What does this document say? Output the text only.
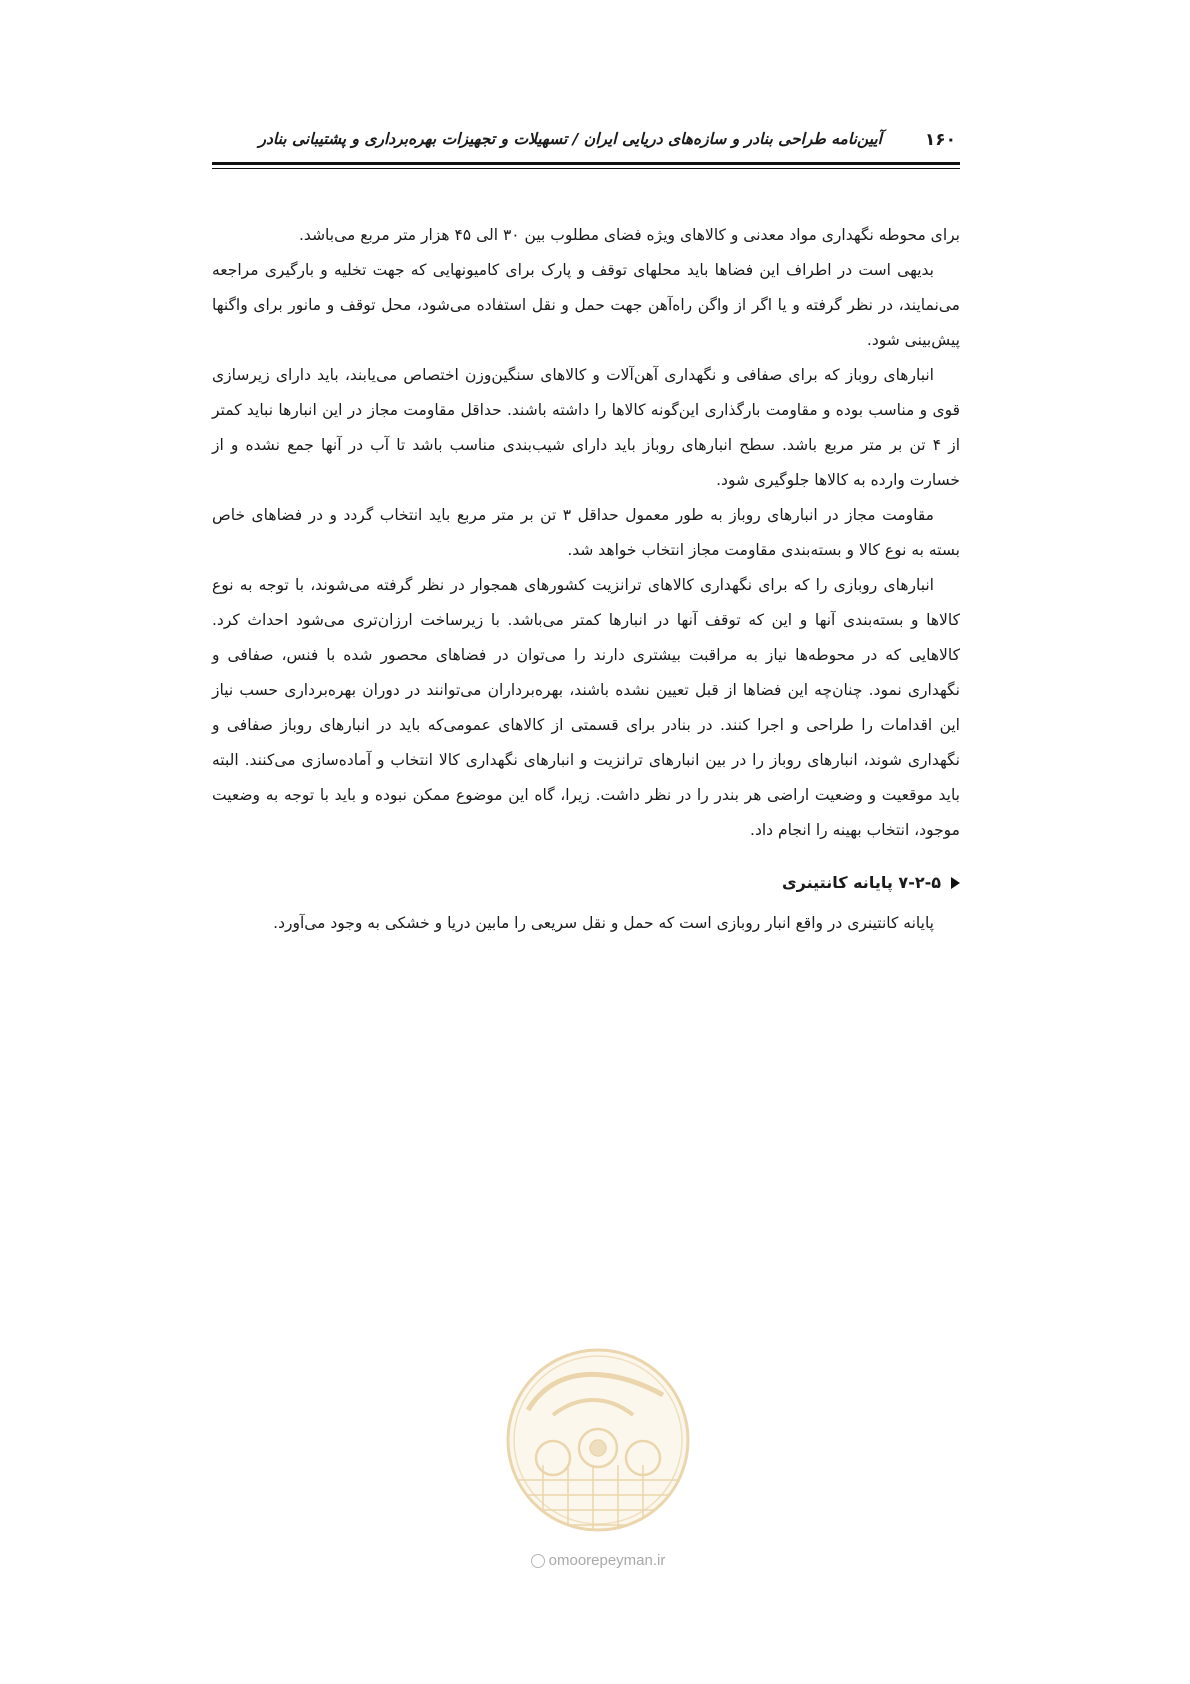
۱۶۰
آیین‌نامه طراحی بنادر و سازه‌های دریایی ایران / تسهیلات و تجهیزات بهره‌برداری و پشتیبانی بنادر

برای محوطه نگهداری مواد معدنی و کالاهای ویژه فضای مطلوب بین ۳۰ الی ۴۵ هزار متر مربع می‌باشد.

بدیهی است در اطراف این فضاها باید محلهای توقف و پارک برای کامیونهایی که جهت تخلیه و بارگیری مراجعه می‌نمایند، در نظر گرفته و یا اگر از واگن راه‌آهن جهت حمل و نقل استفاده می‌شود، محل توقف و مانور برای واگنها پیش‌بینی شود.

انبارهای روباز که برای صفافی و نگهداری آهن‌آلات و کالاهای سنگین‌وزن اختصاص می‌یابند، باید دارای زیرسازی قوی و مناسب بوده و مقاومت بارگذاری این‌گونه کالاها را داشته باشند. حداقل مقاومت مجاز در این انبارها نباید کمتر از ۴ تن بر متر مربع باشد. سطح انبارهای روباز باید دارای شیب‌بندی مناسب باشد تا آب در آنها جمع نشده و از خسارت وارده به کالاها جلوگیری شود.

مقاومت مجاز در انبارهای روباز به طور معمول حداقل ۳ تن بر متر مربع باید انتخاب گردد و در فضاهای خاص بسته به نوع کالا و بسته‌بندی مقاومت مجاز انتخاب خواهد شد.

انبارهای روبازی را که برای نگهداری کالاهای ترانزیت کشورهای همجوار در نظر گرفته می‌شوند، با توجه به نوع کالاها و بسته‌بندی آنها و این که توقف آنها در انبارها کمتر می‌باشد. با زیرساخت ارزان‌تری می‌شود احداث کرد. کالاهایی که در محوطه‌ها نیاز به مراقبت بیشتری دارند را می‌توان در فضاهای محصور شده با فنس، صفافی و نگهداری نمود. چنان‌چه این فضاها از قبل تعیین نشده باشند، بهره‌برداران می‌توانند در دوران بهره‌برداری حسب نیاز این اقدامات را طراحی و اجرا کنند. در بنادر برای قسمتی از کالاهای عمومی‌که باید در انبارهای روباز صفافی و نگهداری شوند، انبارهای روباز را در بین انبارهای ترانزیت و انبارهای نگهداری کالا انتخاب و آماده‌سازی می‌کنند. البته باید موقعیت و وضعیت اراضی هر بندر را در نظر داشت. زیرا، گاه این موضوع ممکن نبوده و باید با توجه به وضعیت موجود، انتخاب بهینه را انجام داد.

۷-۲-۵ پایانه کانتینری

پایانه کانتینری در واقع انبار روبازی است که حمل و نقل سریعی را مابین دریا و خشکی به وجود می‌آورد.

omoorepeyman.ir
